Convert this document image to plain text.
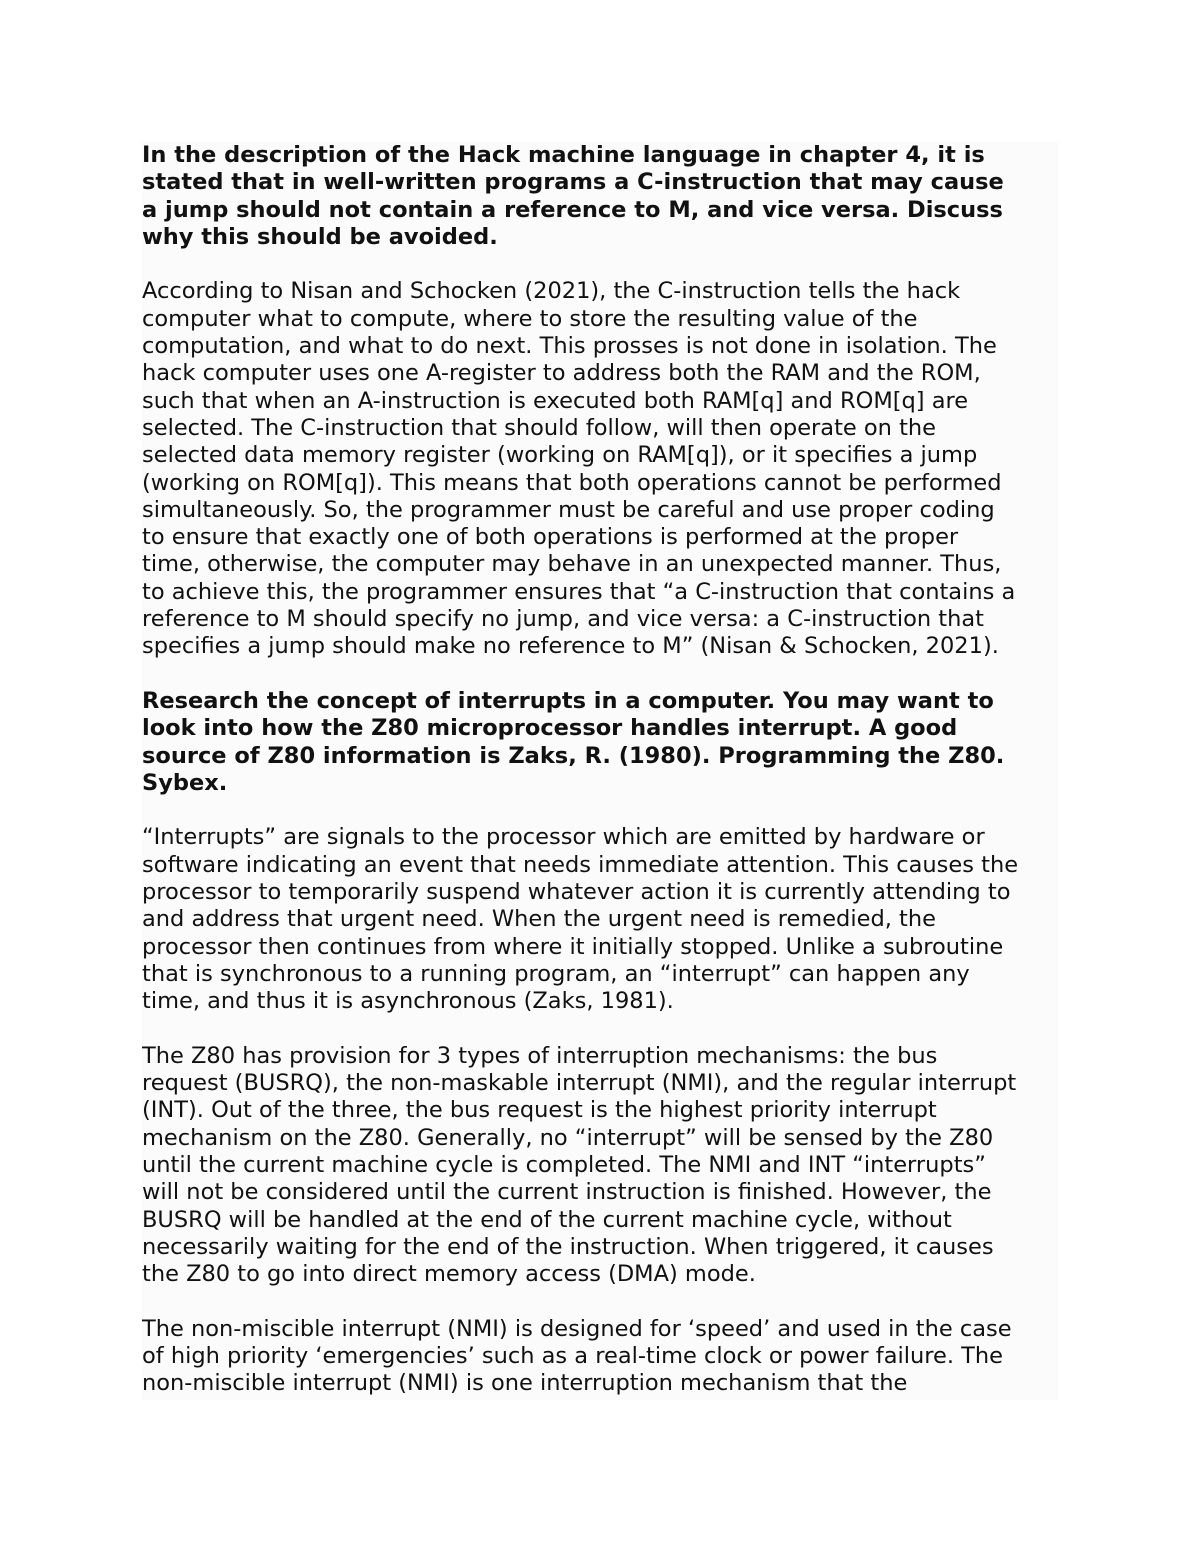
In the description of the Hack machine language in chapter 4, it is
stated that in well-written programs a C-instruction that may cause
a jump should not contain a reference to M, and vice versa. Discuss
why this should be avoided.

According to Nisan and Schocken (2021), the C-instruction tells the hack
computer what to compute, where to store the resulting value of the
computation, and what to do next. This prosses is not done in isolation. The
hack computer uses one A-register to address both the RAM and the ROM,
such that when an A-instruction is executed both RAM[q] and ROM[q] are
selected. The C-instruction that should follow, will then operate on the
selected data memory register (working on RAM[q]), or it specifies a jump
(working on ROM[q]). This means that both operations cannot be performed
simultaneously. So, the programmer must be careful and use proper coding
to ensure that exactly one of both operations is performed at the proper
time, otherwise, the computer may behave in an unexpected manner. Thus,
to achieve this, the programmer ensures that “a C-instruction that contains a
reference to M should specify no jump, and vice versa: a C-instruction that
specifies a jump should make no reference to M” (Nisan & Schocken, 2021).

Research the concept of interrupts in a computer. You may want to
look into how the Z80 microprocessor handles interrupt. A good
source of Z80 information is Zaks, R. (1980). Programming the Z80.
Sybex.

“Interrupts” are signals to the processor which are emitted by hardware or
software indicating an event that needs immediate attention. This causes the
processor to temporarily suspend whatever action it is currently attending to
and address that urgent need. When the urgent need is remedied, the
processor then continues from where it initially stopped. Unlike a subroutine
that is synchronous to a running program, an “interrupt” can happen any
time, and thus it is asynchronous (Zaks, 1981).

The Z80 has provision for 3 types of interruption mechanisms: the bus
request (BUSRQ), the non-maskable interrupt (NMI), and the regular interrupt
(INT). Out of the three, the bus request is the highest priority interrupt
mechanism on the Z80. Generally, no “interrupt” will be sensed by the Z80
until the current machine cycle is completed. The NMI and INT “interrupts”
will not be considered until the current instruction is finished. However, the
BUSRQ will be handled at the end of the current machine cycle, without
necessarily waiting for the end of the instruction. When triggered, it causes
the Z80 to go into direct memory access (DMA) mode.

The non-miscible interrupt (NMI) is designed for ‘speed’ and used in the case
of high priority ‘emergencies’ such as a real-time clock or power failure. The
non-miscible interrupt (NMI) is one interruption mechanism that the
